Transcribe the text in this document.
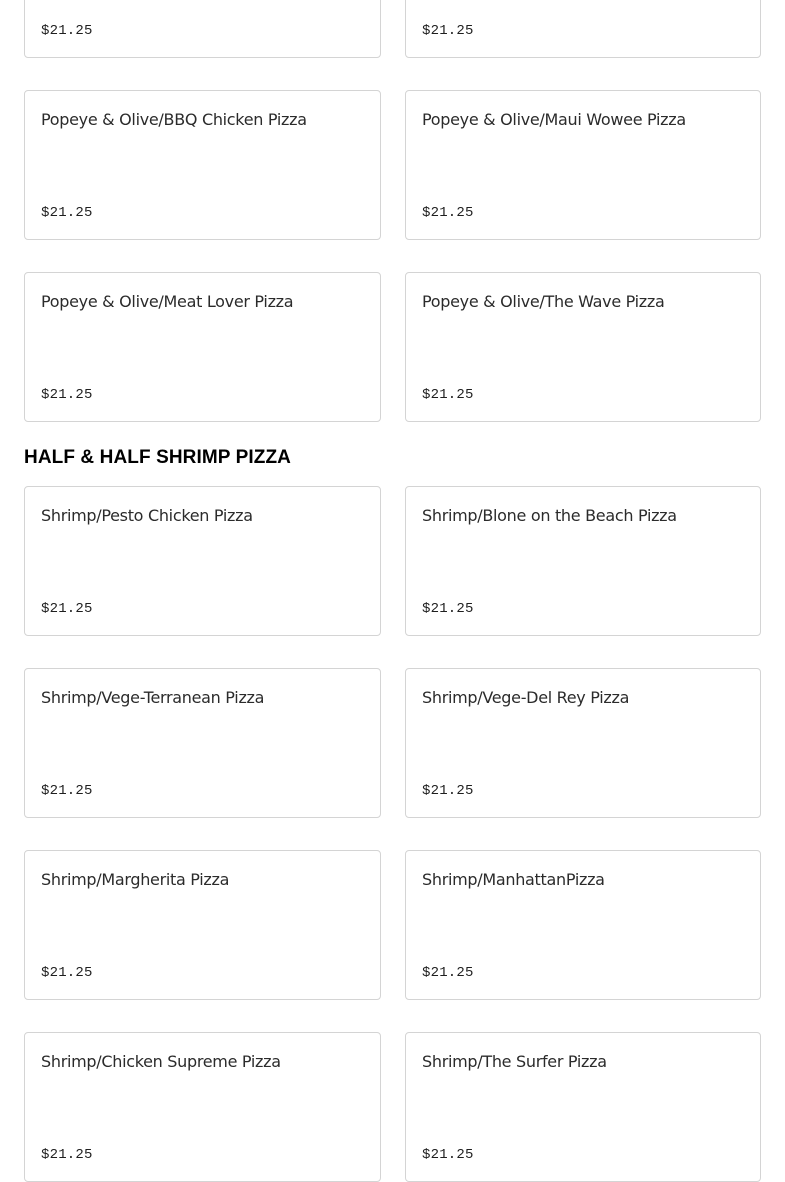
$21.25	$21.25
Popeye & Olive/BBQ Chicken Pizza
$21.25
Popeye & Olive/Maui Wowee Pizza
$21.25
Popeye & Olive/Meat Lover Pizza
$21.25
Popeye & Olive/The Wave Pizza
$21.25
HALF & HALF SHRIMP PIZZA
Shrimp/Pesto Chicken Pizza
$21.25
Shrimp/Blone on the Beach Pizza
$21.25
Shrimp/Vege-Terranean Pizza
$21.25
Shrimp/Vege-Del Rey Pizza
$21.25
Shrimp/Margherita Pizza
$21.25
Shrimp/ManhattanPizza
$21.25
Shrimp/Chicken Supreme Pizza
$21.25
Shrimp/The Surfer Pizza
$21.25
